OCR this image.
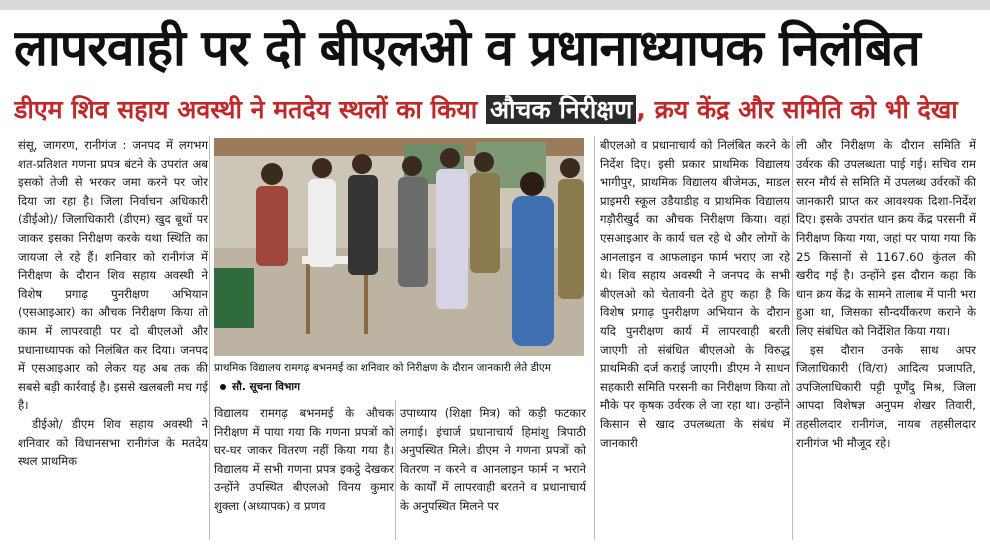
लापरवाही पर दो बीएलओ व प्रधानाध्यापक निलंबित
डीएम शिव सहाय अवस्थी ने मतदेय स्थलों का किया औचक निरीक्षण , क्रय केंद्र और समिति को भी देखा

संसू, जागरण, रानीगंज : जनपद में लगभग शत-प्रतिशत गणना प्रपत्र बंटने के उपरांत अब इसको तेजी से भरकर जमा करने पर जोर दिया जा रहा है। जिला निर्वाचन अधिकारी (डीईओ)/ जिलाधिकारी (डीएम) खुद बूथों पर जाकर इसका निरीक्षण करके यथा स्थिति का जायजा ले रहे हैं। शनिवार को रानीगंज में निरीक्षण के दौरान शिव सहाय अवस्थी ने विशेष प्रगाढ़ पुनरीक्षण अभियान (एसआइआर) का औचक निरीक्षण किया तो काम में लापरवाही पर दो बीएलओ और प्रधानाध्यापक को निलंबित कर दिया। जनपद में एसआइआर को लेकर यह अब तक की सबसे बड़ी कार्रवाई है। इससे खलबली मच गई है।

डीईओ/ डीएम शिव सहाय अवस्थी ने शनिवार को विधानसभा रानीगंज के मतदेय स्थल प्राथमिक

प्राथमिक विद्यालय रामगढ़ बभनमई का शनिवार को निरीक्षण के दौरान जानकारी लेते डीएम
सौ. सूचना विभाग

विद्यालय रामगढ़ बभनमई के औचक निरीक्षण में पाया गया कि गणना प्रपत्रों को घर-घर जाकर वितरण नहीं किया गया है। विद्यालय में सभी गणना प्रपत्र इकट्ठे देखकर उन्होंने उपस्थित बीएलओ विनय कुमार शुक्ला (अध्यापक) व प्रणव

उपाध्याय (शिक्षा मित्र) को कड़ी फटकार लगाई। इंचार्ज प्रधानाचार्य हिमांशु त्रिपाठी अनुपस्थित मिले। डीएम ने गणना प्रपत्रों को वितरण न करने व आनलाइन फार्म न भराने के कार्यों में लापरवाही बरतने व प्रधानाचार्य के अनुपस्थित मिलने पर

बीएलओ व प्रधानाचार्य को निलंबित करने के निर्देश दिए। इसी प्रकार प्राथमिक विद्यालय भागीपुर, प्राथमिक विद्यालय बीजेमऊ, माडल प्राइमरी स्कूल उडैयाडीह व प्राथमिक विद्यालय गड़ौरीखुर्द का औचक निरीक्षण किया। वहां एसआइआर के कार्य चल रहे थे और लोगों के आनलाइन व आफलाइन फार्म भराए जा रहे थे। शिव सहाय अवस्थी ने जनपद के सभी बीएलओ को चेतावनी देते हुए कहा है कि विशेष प्रगाढ़ पुनरीक्षण अभियान के दौरान यदि पुनरीक्षण कार्य में लापरवाही बरती जाएगी तो संबंधित बीएलओ के विरुद्ध प्राथमिकी दर्ज कराई जाएगी। डीएम ने साधन सहकारी समिति परसनी का निरीक्षण किया तो मौके पर कृषक उर्वरक ले जा रहा था। उन्होंने किसान से खाद उपलब्धता के संबंध में जानकारी

ली और निरीक्षण के दौरान समिति में उर्वरक की उपलब्धता पाई गई। सचिव राम सरन मौर्य से समिति में उपलब्ध उर्वरकों की जानकारी प्राप्त कर आवश्यक दिशा-निर्देश दिए। इसके उपरांत धान क्रय केंद्र परसनी में निरीक्षण किया गया, जहां पर पाया गया कि 25 किसानों से 1167.60 कुंतल की खरीद गई है। उन्होंने इस दौरान कहा कि धान क्रय केंद्र के सामने तालाब में पानी भरा हुआ था, जिसका सौन्दर्यीकरण कराने के लिए संबंधित को निर्देशित किया गया।

इस दौरान उनके साथ अपर जिलाधिकारी (वि/रा) आदित्य प्रजापति, उपजिलाधिकारी पट्टी पूर्णेंदु मिश्र, जिला आपदा विशेषज्ञ अनुपम शेखर तिवारी, तहसीलदार रानीगंज, नायब तहसीलदार रानीगंज भी मौजूद रहे।
